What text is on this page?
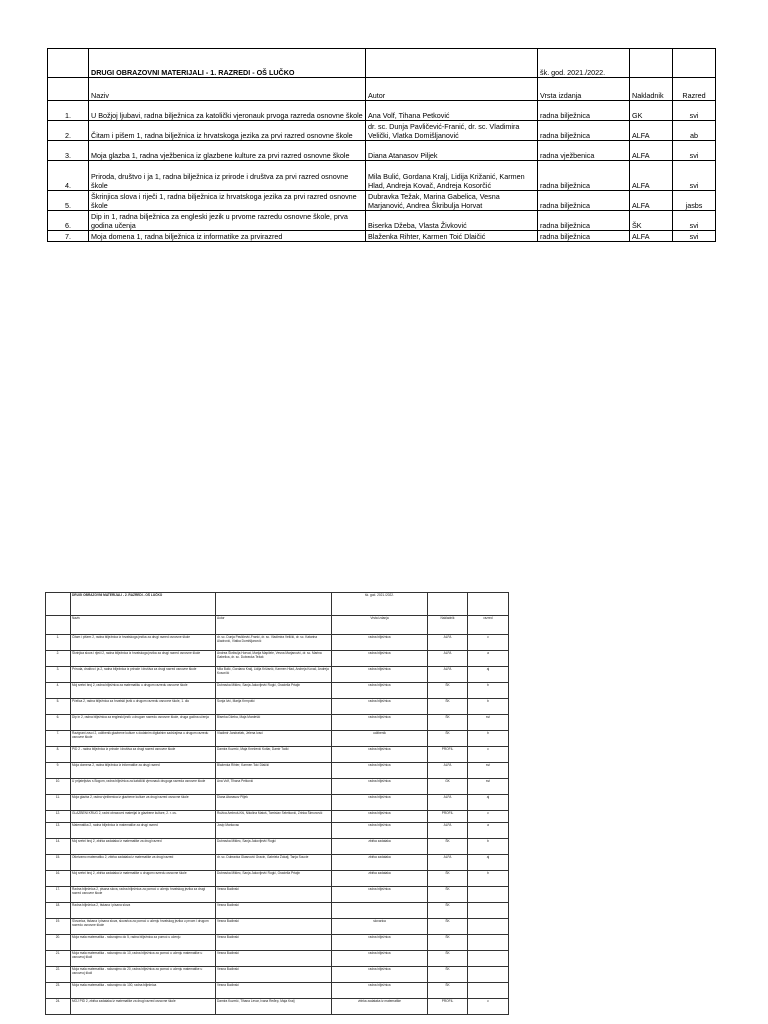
	DRUGI OBRAZOVNI MATERIJALI - 1. RAZREDI - OŠ LUČKO		šk. god. 2021./2022.		
	Naziv	Autor	Vrsta izdanja	Nakladnik	Razred
1.	U Božjoj ljubavi, radna bilježnica za katolički vjeronauk prvoga razreda osnovne škole	Ana Volf, Tihana Petković	radna bilježnica	GK	svi
2.	Čitam i pišem 1, radna bilježnica iz hrvatskoga jezika za prvi razred osnovne škole	dr. sc. Dunja Pavličević-Franić, dr. sc. Vladimira Velički, Vlatka Domišljanović	radna bilježnica	ALFA	ab
3.	Moja glazba 1, radna vježbenica iz glazbene kulture za prvi razred osnovne škole	Diana Atanasov Piljek	radna vježbenica	ALFA	svi
4.	Priroda, društvo i ja 1, radna bilježnica iz prirode i društva za prvi razred osnovne škole	Mila Bulić, Gordana Kralj, Lidija Križanić, Karmen Hlad, Andreja Kovač, Andreja Kosorčić	radna bilježnica	ALFA	svi
5.	Škrinjica slova i riječi 1, radna bilježnica iz hrvatskoga jezika za prvi razred osnovne škole	Dubravka Težak, Marina Gabelica, Vesna Marjanović, Andrea Škribulja Horvat	radna bilježnica	ALFA	jasbs
6.	Dip in 1, radna bilježnica za engleski jezik u prvome razredu osnovne škole, prva godina učenja	Biserka Džeba, Vlasta Živković	radna bilježnica	ŠK	svi
7.	Moja domena 1, radna bilježnica iz informatike za prvirazred	Blaženka Rihter, Karmen Toić Dlaičić	radna bilježnica	ALFA	svi
	DRUGI OBRAZOVNI MATERIJALI - 2. RAZREDI - OŠ LUČKO		šk. god. 2021./2022.		
	Naziv	Autor	Vrsta izdanja	Nakladnik	razred
1.	Čitam i pišem 2, radna bilježnica iz hrvatskoga jezika za drugi razred osnovne škole	dr. sc. Dunja Pavličević-Franić, dr. sc. Vladimira Velički, dr. sc. Katarina Aladrović, Vlatka Domišljanović	radna bilježnica	ALFA	c
2.	Škrinjica slova i riječi 2, radna bilježnica iz hrvatskoga jezika za drugi razred osnovne škole	Andrea Škribulja Horvat, Marija Mapilele, Vesna Marjanović, dr. sc. Marina Gabelica, dr. sc. Dubravka Težak	radna bilježnica	ALFA	a
3.	Priroda, društvo i ja 2, radna bilježnica iz prirode i društva za drugi razred osnovne škole	Mila Bulić, Gordana Kralj, Lidija Križanić, Karmen Hlad, Andreja Kovač, Andreja Kosorčić	radna bilježnica	ALFA	aj
4.	Moj sretni broj 2, radna bilježnica za matematiku u drugom razredu osnovne škole	Dubravka Miklec, Sanja Jakovljević Rogić, Graciella Prtajin	radna bilježnica	ŠK	b
5.	Pčelica 2, radna bilježnica za hrvatski jezik u drugom razredu osnovne škole, 1. dio	Sonja Ivić, Marija Krmpotić	radna bilježnica	ŠK	b
6.	Dip in 2, radna bilježnica za engleski jezik u drugom razredu osnovne škole, druga godina učenja	Biserka Džeba, Maja Mardešić	radna bilježnica	ŠK	svi
7.	Razigrani zvuci 2, udžbenik glazbene kulture s dodatnim digitalnim sadržajima u drugom razredu osnovne škole	Vladimir Jandrašek, Jelena Ivaci	udžbenik	ŠK	b
8.	PID 2 - radna bilježnica iz prirode i društva za drugi razred osnovne škole	Damira Kuzmić, Maja Knežević Kotlar, Damir Todić	radna bilježnica	PROFIL	c
9.	Moja domena 2, radna bilježnica iz informatike za drugi razred	Blaženka Rihter, Karmen Toić Dlaičić	radna bilježnica	ALFA	svi
10.	U prijateljstvu s Bogom, radna bilježnica za katolički vjeronauk drugoga razreda osnovne škole	Ana Volf, Tihana Petković	radna bilježnica	GK	svi
11.	Moja glazba 2, radna vježbenica iz glazbene kulture za drugi razred osnovne škole	Diana Atanasov Piljek	radna bilježnica	ALFA	aj
12.	GLAZBENI KRUG 2, radni obrazovni materijal iz glazbene kulture, 2. r. os.	Ružica Ambruš-Kiš, Nikolina Matoš, Tomislav Seletković, Zrinka Šimunović	radna bilježnica	PROFIL	c
13.	Matematika 2, radna bilježnica iz matematike za drugi razred	Josip Markovac	radna bilježnica	ALFA	a
14.	Moj sretni broj 2, zbirka zadataka iz matematike za drugi razred	Dubravka Miklec, Sanja Jakovljević Rogić	zbirka zadataka	ŠK	b
15.	Otkrivamo matematiku 2, zbirka zadataka iz matematike za drugi razred	dr. sc. Dubravka Glasnović Gracin, Gabriela Žokalj, Tanja Soucie	zbirka zadataka	ALFA	aj
16.	Moj sretni broj 2, zbirka zadataka iz matematike u drugom razredu osnovne škole	Dubravka Miklec, Sanja Jakovljević Rogić, Graciella Prtajin	zbirka zadataka	ŠK	b
17.	Radna bilježnica 2, pisana slova, radna bilježnica za pomoć u učenju hrvatskog jezika za drugi razred osnovne škole	Vesna Budinski	radna bilježnica	ŠK	
18.	Radna bilježnica 2, tiskana i pisana slova	Vesna Budinski		ŠK	
19.	Slovarica, tiskana i pisana slova, slovarica za pomoć u učenju hrvatskog jezika u prvom i drugom razredu osnovne škole	Vesna Budinski	slovarica	ŠK	
20.	Moja mala matematika - računajmo do 5, radna bilježnica za pomoć u učenju	Vesna Budinski	radna bilježnica	ŠK	
21.	Moja mala matematika - računajmo do 10, radna bilježnica za pomoć u učenju matematike u osnovnoj školi	Vesna Budinski	radna bilježnica	ŠK	
22.	Moja mala matematika - računajmo do 20, radna bilježnica za pomoć u učenju matematike u osnovnoj školi	Vesna Budinski	radna bilježnica	ŠK	
23.	Moja mala matematika - računajmo do 100, radna bilježnica	Vesna Budinski	radna bilježnica	ŠK	
24.	MOJ PID 2, zbirka zadataka iz matematike za drugi razred osnovne škole	Damira Kuzmić, Tihana Levar, Ivana Ređep, Maja Kralj	zbirka zadataka iz matematike	PROFIL	c
